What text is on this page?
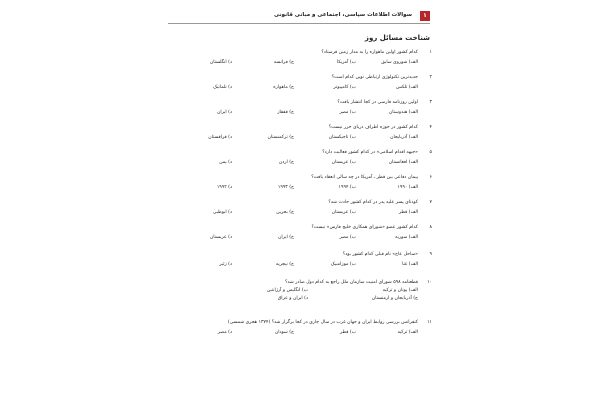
سوالات اطلاعات سیاسی، اجتماعی و مبانی قانونی	۱
شناخت مسائل روز
۱
کدام کشور اولین ماهواره را به مدار زمین فرستاد؟
الف) شوروی سابق
ب) آمریکا
ج) فرانسه
د) انگلستان
۲
جدیدترین تکنولوژی ارتباطی نوین کدام است؟
الف) تلکس
ب) کامپیوتر
ج) ماهواره
د) تلماتیک
۳
اولین روزنامه فارسی در کجا انتشار یافت؟
الف) هندوستان
ب) مصر
ج) قفقاز
د) ایران
۴
کدام کشور در حوزه اطراف دریای خزر نیست؟
الف) آذربایجان
ب) تاجیکستان
ج) ترکمنستان
د) قزاقستان
۵
«جبهه اقدام اسلامی» در کدام کشور فعالیت دارد؟
الف) افغانستان
ب) عربستان
ج) اردن
د) یمن
۶
پیمان دفاعی بین قطر ـ آمریکا در چه سالی انعقاد یافت؟
الف) ۱۹۹۰
ب) ۱۹۹۴
ج) ۱۹۹۳
د) ۱۹۹۲
۷
کودتای پسر علیه پدر در کدام کشور حادث شد؟
الف) قطر
ب) عربستان
ج) بحرین
د) ابوظبی
۸
کدام کشور عضو «شورای همکاری خلیج فارس» نیست؟
الف) سوریه
ب) مصر
ج) ایران
د) عربستان
۹
«ساحل عاج» نام قبلی کدام کشور بود؟
الف) غنا
ب) موزامبیک
ج) نیجریه
د) زئیر
۱۰
قطعنامه ۵۹۸ شورای امنیت سازمان ملل راجع به کدام دول صادر شد؟
الف) یونان و ترکیه
ب) انگلیس و آرژانتین
ج) آذربایجان و ارمنستان
د) ایران و عراق
۱۱
کنفرانس بررسی روابط ایران و جهان غرب در سال جاری در کجا برگزار شد؟ (۱۳۷۴ هجری شمسی)
الف) ترکیه
ب) قطر
ج) سودان
د) مصر
